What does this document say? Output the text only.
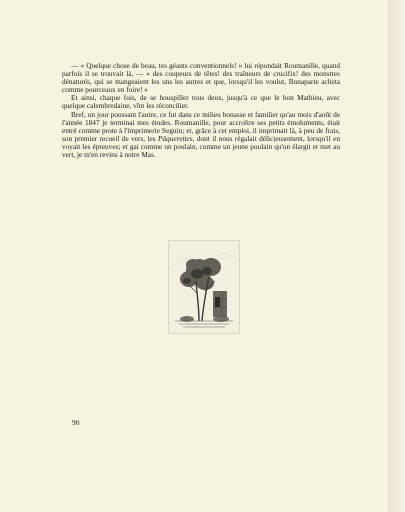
— « Quelque chose de beau, tes géants conventionnels! » lui répondait Roumanille, quand parfois il se trouvait là, — « des coupeurs de têtes! des traîneurs de crucifix! des monstres dénaturés, qui se mangeaient les uns les autres et que, lorsqu'il les voulut, Bonaparte acheta comme pourceaux en foire! »

Et ainsi, chaque fois, de se houspiller tous deux, jusqu'à ce que le bon Mathieu, avec quelque calembredaine, vînt les réconcilier.

Bref, un jour poussant l'autre, ce fut dans ce milieu bonasse et familier qu'au mois d'août de l'année 1847 je terminai mes études. Roumanille, pour accroître ses petits émoluments, était entré comme prote à l'imprimerie Seguin; et, grâce à cet emploi, il imprimait là, à peu de frais, son premier recueil de vers, les Pâquerettes, dont il nous régalait délicieusement, lorsqu'il en voyait les épreuves; et gai comme un poulain, comme un jeune poulain qu'on élargit et met au vert, je m'en revins à notre Mas.

90
